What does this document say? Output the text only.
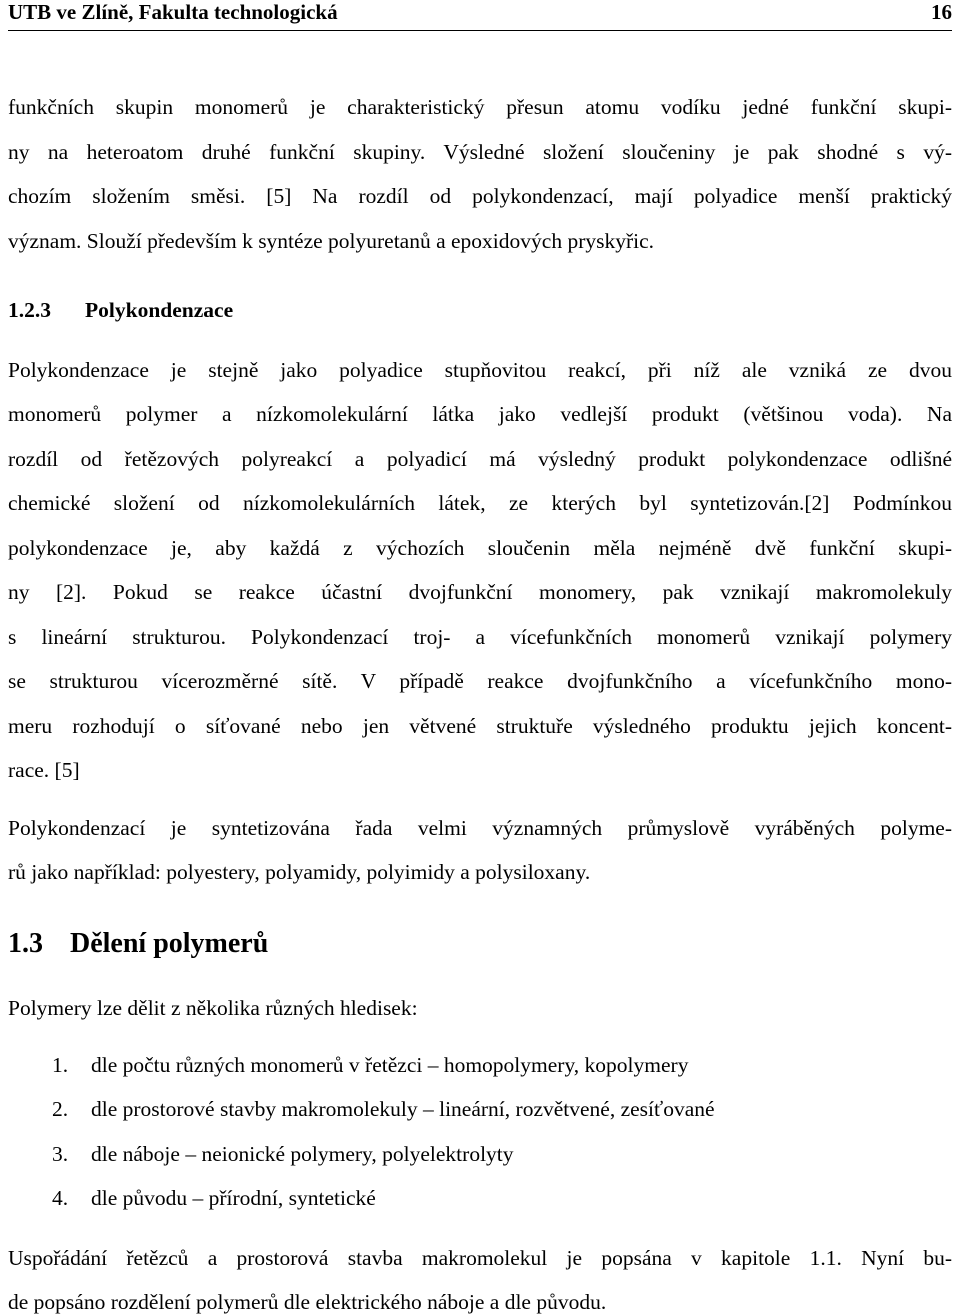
UTB ve Zlíně, Fakulta technologická	16
funkčních skupin monomerů je charakteristický přesun atomu vodíku jedné funkční skupi-
ny na heteroatom druhé funkční skupiny. Výsledné složení sloučeniny je pak shodné s vý-
chozím složením směsi. [5] Na rozdíl od polykondenzací, mají polyadice menší praktický
význam. Slouží především k syntéze polyuretanů a epoxidových pryskyřic.
1.2.3 Polykondenzace
Polykondenzace je stejně jako polyadice stupňovitou reakcí, při níž ale vzniká ze dvou
monomerů polymer a nízkomolekulární látka jako vedlejší produkt (většinou voda). Na
rozdíl od řetězových polyreakcí a polyadicí má výsledný produkt polykondenzace odlišné
chemické složení od nízkomolekulárních látek, ze kterých byl syntetizován.[2] Podmínkou
polykondenzace je, aby každá z výchozích sloučenin měla nejméně dvě funkční skupi-
ny [2]. Pokud se reakce účastní dvojfunkční monomery, pak vznikají makromolekuly
s lineární strukturou. Polykondenzací troj- a vícefunkčních monomerů vznikají polymery
se strukturou vícerozměrné sítě. V případě reakce dvojfunkčního a vícefunkčního mono-
meru rozhodují o síťované nebo jen větvené struktuře výsledného produktu jejich koncent-
race. [5]
Polykondenzací je syntetizována řada velmi významných průmyslově vyráběných polyme-
rů jako například: polyestery, polyamidy, polyimidy a polysiloxany.
1.3 Dělení polymerů
Polymery lze dělit z několika různých hledisek:
1. dle počtu různých monomerů v řetězci – homopolymery, kopolymery
2. dle prostorové stavby makromolekuly – lineární, rozvětvené, zesíťované
3. dle náboje – neionické polymery, polyelektrolyty
4. dle původu – přírodní, syntetické
Uspořádání řetězců a prostorová stavba makromolekul je popsána v kapitole 1.1. Nyní bu-
de popsáno rozdělení polymerů dle elektrického náboje a dle původu.
